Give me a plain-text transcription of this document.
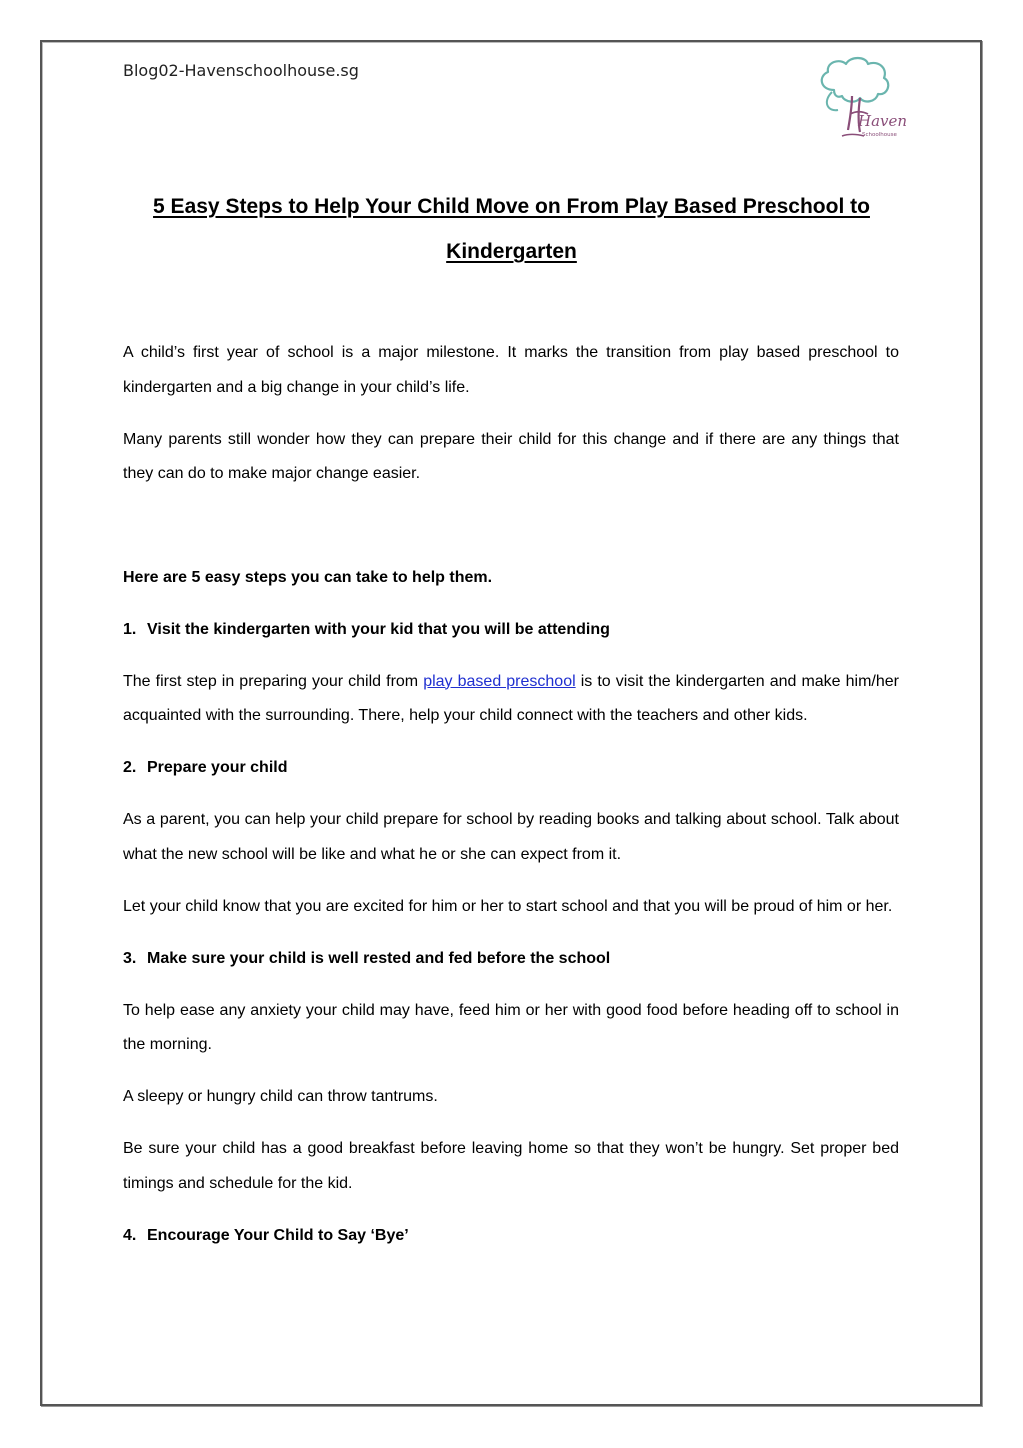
Blog02-Havenschoolhouse.sg
Haven
Schoolhouse
5 Easy Steps to Help Your Child Move on From Play Based Preschool to
Kindergarten

A child’s first year of school is a major milestone. It marks the transition from play based preschool to kindergarten and a big change in your child’s life.

Many parents still wonder how they can prepare their child for this change and if there are any things that they can do to make major change easier.

Here are 5 easy steps you can take to help them.
1. Visit the kindergarten with your kid that you will be attending

The first step in preparing your child from play based preschool is to visit the kindergarten and make him/her acquainted with the surrounding. There, help your child connect with the teachers and other kids.

2. Prepare your child

As a parent, you can help your child prepare for school by reading books and talking about school. Talk about what the new school will be like and what he or she can expect from it.

Let your child know that you are excited for him or her to start school and that you will be proud of him or her.

3. Make sure your child is well rested and fed before the school

To help ease any anxiety your child may have, feed him or her with good food before heading off to school in the morning.

A sleepy or hungry child can throw tantrums.

Be sure your child has a good breakfast before leaving home so that they won’t be hungry. Set proper bed timings and schedule for the kid.

4. Encourage Your Child to Say ‘Bye’
